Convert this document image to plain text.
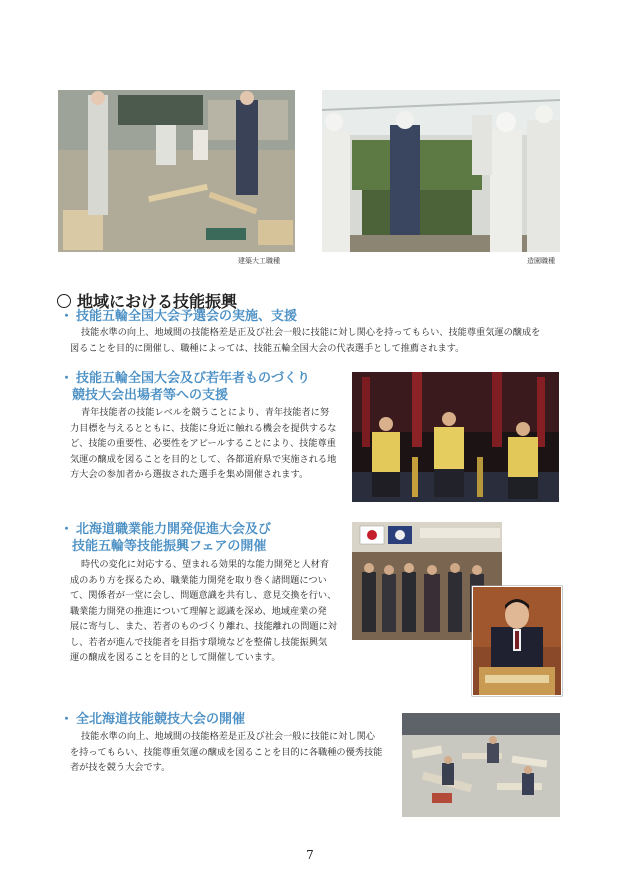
建築大工職種	造園職種
地域における技能振興
・ 技能五輪全国大会予選会の実施、支援
技能水準の向上、地域間の技能格差是正及び社会一般に技能に対し関心を持ってもらい、技能尊重気運の醸成を
図ることを目的に開催し、職種によっては、技能五輪全国大会の代表選手として推薦されます。
・ 技能五輪全国大会及び若年者ものづくり
競技大会出場者等への支援
青年技能者の技能レベルを競うことにより、青年技能者に努
力目標を与えるとともに、技能に身近に触れる機会を提供するな
ど、技能の重要性、必要性をアピールすることにより、技能尊重
気運の醸成を図ることを目的として、各都道府県で実施される地
方大会の参加者から選抜された選手を集め開催されます。
・ 北海道職業能力開発促進大会及び
技能五輪等技能振興フェアの開催
時代の変化に対応する、望まれる効果的な能力開発と人材育
成のあり方を探るため、職業能力開発を取り巻く諸問題につい
て、関係者が一堂に会し、問題意識を共有し、意見交換を行い、
職業能力開発の推進について理解と認識を深め、地域産業の発
展に寄与し、また、若者のものづくり離れ、技能離れの問題に対
し、若者が進んで技能者を目指す環境などを整備し技能振興気
運の醸成を図ることを目的として開催しています。
・ 全北海道技能競技大会の開催
技能水準の向上、地域間の技能格差是正及び社会一般に技能に対し関心
を持ってもらい、技能尊重気運の醸成を図ることを目的に各職種の優秀技能
者が技を競う大会です。
7
